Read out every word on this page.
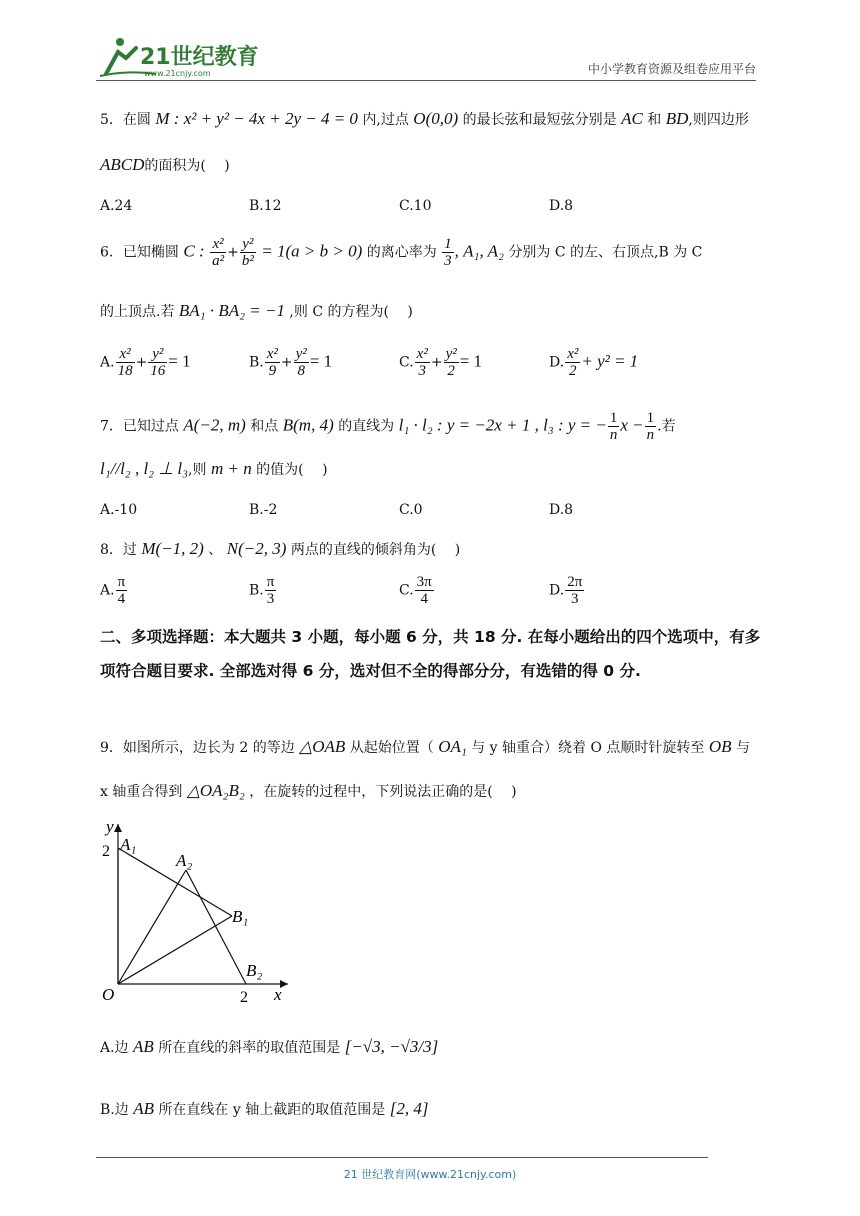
21世纪教育
www.21cnjy.com	中小学教育资源及组卷应用平台
5．在圆 M : x² + y² − 4x + 2y − 4 = 0 内,过点 O(0,0) 的最长弦和最短弦分别是 AC 和 BD,则四边形
ABCD的面积为(　 )
A.24	B.12	C.10	D.8
6．已知椭圆 C : $\frac{\text{x²}}{\text{a²}} + \frac{\text{y²}}{\text{b²}} = 1(a > b > 0)$ 的离心率为 $\frac{1}{3}$ , A₁, A₂ 分别为 C 的左、右顶点,B 为 C
的上顶点.若 BA₁ · BA₂ = −1 ,则 C 的方程为(　 )
A. $\frac{\text{x²}}{18} + \frac{\text{y²}}{16} = 1$	B. $\frac{\text{x²}}{9} + \frac{\text{y²}}{8} = 1$	C. $\frac{\text{x²}}{3} + \frac{\text{y²}}{2} = 1$	D. $\frac{\text{x²}}{2} + y^2 = 1$
7．已知过点 A(−2, m) 和点 B(m, 4) 的直线为 l₁ · l₂ : y = −2x + 1 , l₃ : y = − $\frac{1}{n}$ $x - \frac{1}{n}$ .若
l₁//l₂ , l₂ ⊥ l₃,则 m + n 的值为(　 )
A.-10	B.-2	C.0	D.8
8．过 M(−1, 2) 、 N(−2, 3) 两点的直线的倾斜角为(　 )
A. $\frac{\pi}{4}$	B. $\frac{\pi}{3}$	C. $\frac{3\pi}{4}$	D. $\frac{2\pi}{3}$
二、多项选择题：本大题共 3 小题，每小题 6 分，共 18 分. 在每小题给出的四个选项中，有多项符合题目要求. 全部选对得 6 分，选对但不全的得部分分，有选错的得 0 分.
9．如图所示，边长为 2 的等边 △OAB 从起始位置（ OA₁ 与 y 轴重合）绕着 O 点顺时针旋转至 OB 与
x 轴重合得到 △OA₂B₂ ，在旋转的过程中，下列说法正确的是(　 )
y
x
O
2
2
A₁
A₂
B₁
B₂
A.边 AB 所在直线的斜率的取值范围是 [−√3, −√3/3]
B.边 AB 所在直线在 y 轴上截距的取值范围是 [2, 4]
21 世纪教育网(www.21cnjy.com)
